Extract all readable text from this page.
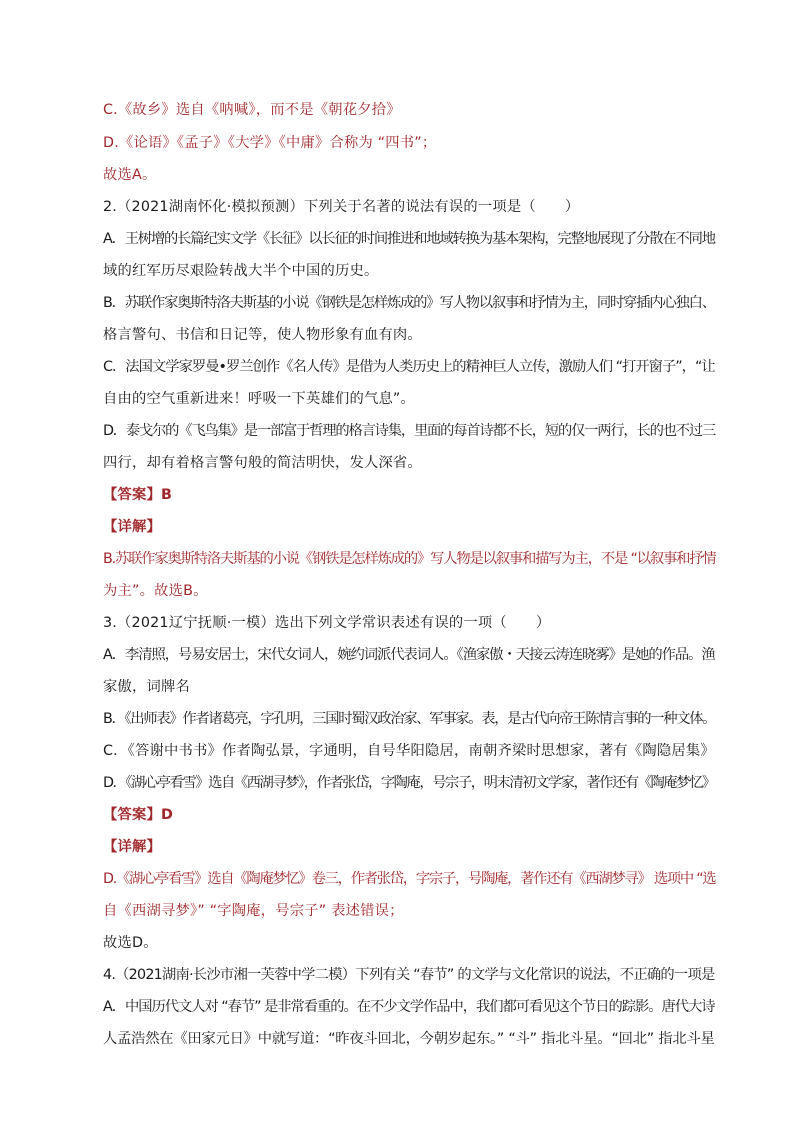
C.《故乡》选自《呐喊》，而不是《朝花夕拾》
D.《论语》《孟子》《大学》《中庸》合称为 “四书”；
故选A。
2.（2021湖南怀化·模拟预测）下列关于名著的说法有误的一项是（　　）
A．王树增的长篇纪实文学《长征》以长征的时间推进和地域转换为基本架构，完整地展现了分散在不同地
域的红军历尽艰险转战大半个中国的历史。
B．苏联作家奥斯特洛夫斯基的小说《钢铁是怎样炼成的》写人物以叙事和抒情为主，同时穿插内心独白、
格言警句、书信和日记等，使人物形象有血有肉。
C．法国文学家罗曼•罗兰创作《名人传》是借为人类历史上的精神巨人立传，激励人们 “打开窗子”，“让
自由的空气重新进来！呼吸一下英雄们的气息”。
D．泰戈尔的《飞鸟集》是一部富于哲理的格言诗集，里面的每首诗都不长，短的仅一两行，长的也不过三
四行，却有着格言警句般的简洁明快，发人深省。
【答案】B
【详解】
B.苏联作家奥斯特洛夫斯基的小说《钢铁是怎样炼成的》写人物是以叙事和描写为主，不是 “以叙事和抒情
为主”。故选B。
3.（2021辽宁抚顺·一模）选出下列文学常识表述有误的一项（　　）
A．李清照，号易安居士，宋代女词人，婉约词派代表词人。《渔家傲・天接云涛连晓雾》是她的作品。渔
家傲，词牌名
B．《出师表》作者诸葛亮，字孔明，三国时蜀汉政治家、军事家。表，是古代向帝王陈情言事的一种文体。
C．《答谢中书书》作者陶弘景，字通明，自号华阳隐居，南朝齐梁时思想家，著有《陶隐居集》
D．《湖心亭看雪》选自《西湖寻梦》，作者张岱，字陶庵，号宗子，明末清初文学家，著作还有《陶庵梦忆》
【答案】D
【详解】
D.《湖心亭看雪》选自《陶庵梦忆》卷三，作者张岱，字宗子，号陶庵，著作还有《西湖梦寻》 选项中 “选
自《西湖寻梦》” “字陶庵，号宗子” 表述错误；
故选D。
4.（2021湖南·长沙市湘一芙蓉中学二模）下列有关 “春节” 的文学与文化常识的说法，不正确的一项是
A．中国历代文人对 “春节” 是非常看重的。在不少文学作品中，我们都可看见这个节日的踪影。唐代大诗
人孟浩然在《田家元日》中就写道：“昨夜斗回北，今朝岁起东。” “斗” 指北斗星。“回北” 指北斗星
